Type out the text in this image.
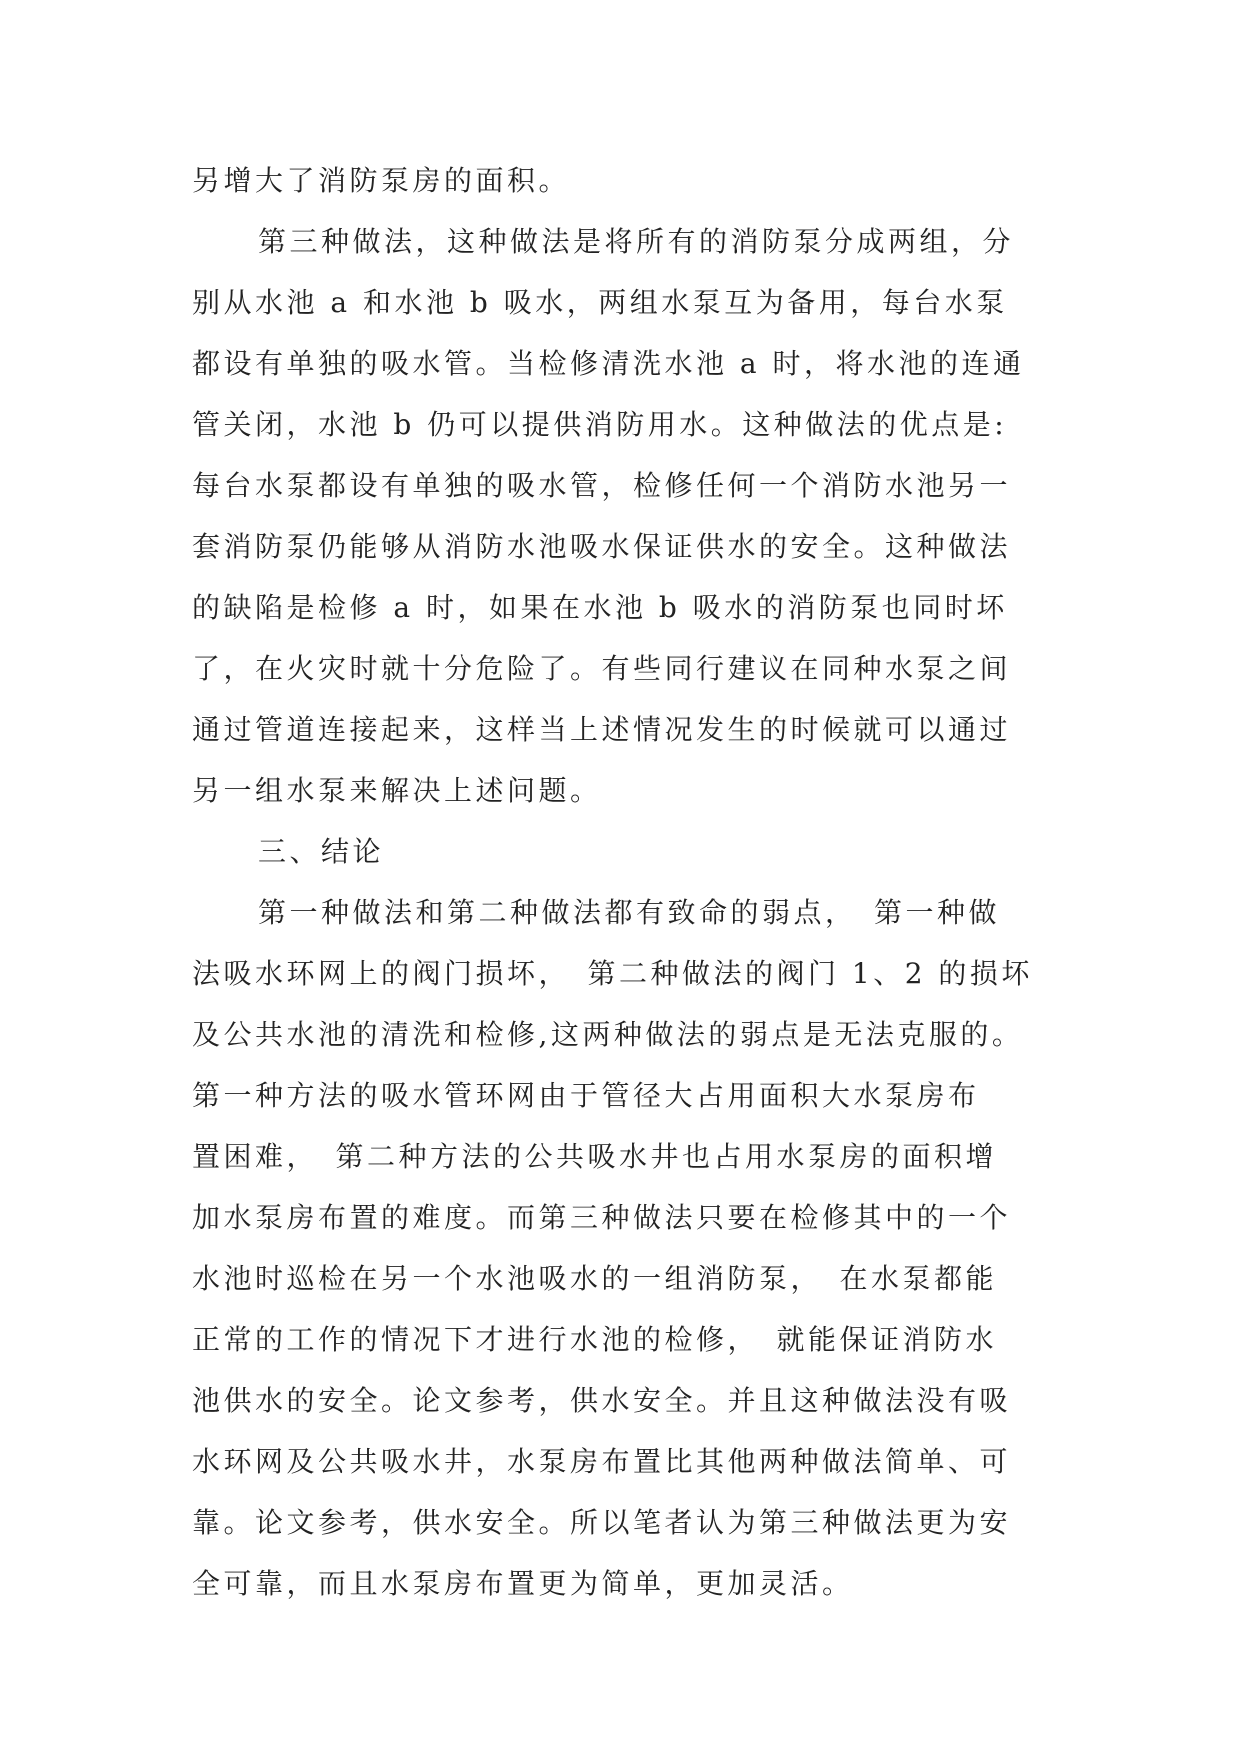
另增大了消防泵房的面积。
第三种做法，这种做法是将所有的消防泵分成两组，分
别从水池 a 和水池 b 吸水，两组水泵互为备用，每台水泵
都设有单独的吸水管。当检修清洗水池 a 时，将水池的连通
管关闭，水池 b 仍可以提供消防用水。这种做法的优点是:
每台水泵都设有单独的吸水管，检修任何一个消防水池另一
套消防泵仍能够从消防水池吸水保证供水的安全。这种做法
的缺陷是检修 a 时，如果在水池 b 吸水的消防泵也同时坏
了，在火灾时就十分危险了。有些同行建议在同种水泵之间
通过管道连接起来，这样当上述情况发生的时候就可以通过
另一组水泵来解决上述问题。
三、结论
第一种做法和第二种做法都有致命的弱点，　第一种做
法吸水环网上的阀门损坏，　第二种做法的阀门 1、2 的损坏
及公共水池的清洗和检修,这两种做法的弱点是无法克服的。
第一种方法的吸水管环网由于管径大占用面积大水泵房布
置困难，　第二种方法的公共吸水井也占用水泵房的面积增
加水泵房布置的难度。而第三种做法只要在检修其中的一个
水池时巡检在另一个水池吸水的一组消防泵，　在水泵都能
正常的工作的情况下才进行水池的检修，　就能保证消防水
池供水的安全。论文参考，供水安全。并且这种做法没有吸
水环网及公共吸水井，水泵房布置比其他两种做法简单、可
靠。论文参考，供水安全。所以笔者认为第三种做法更为安
全可靠，而且水泵房布置更为简单，更加灵活。
